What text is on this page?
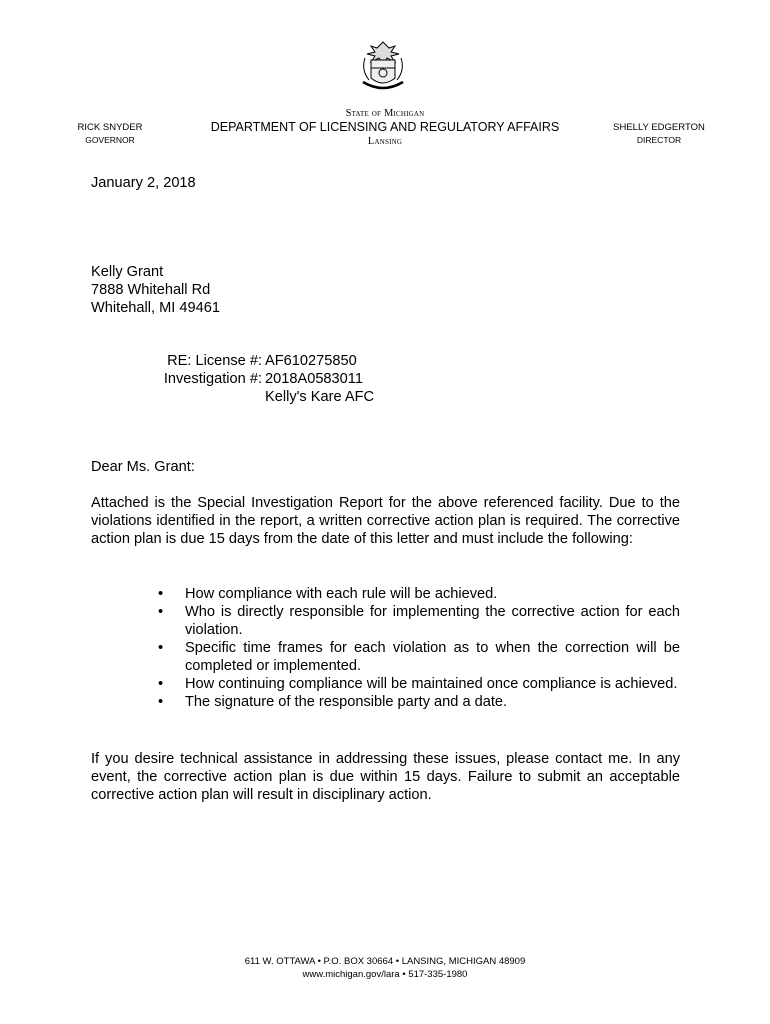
RICK SNYDER
GOVERNOR
State of Michigan
DEPARTMENT OF LICENSING AND REGULATORY AFFAIRS
Lansing
SHELLY EDGERTON
DIRECTOR
January 2, 2018
Kelly Grant
7888 Whitehall Rd
Whitehall, MI 49461
RE: License #: AF610275850
Investigation #: 2018A0583011
Kelly's Kare AFC
Dear Ms. Grant:
Attached is the Special Investigation Report for the above referenced facility. Due to the violations identified in the report, a written corrective action plan is required. The corrective action plan is due 15 days from the date of this letter and must include the following:
• How compliance with each rule will be achieved.
• Who is directly responsible for implementing the corrective action for each violation.
• Specific time frames for each violation as to when the correction will be completed or implemented.
• How continuing compliance will be maintained once compliance is achieved.
• The signature of the responsible party and a date.
If you desire technical assistance in addressing these issues, please contact me. In any event, the corrective action plan is due within 15 days. Failure to submit an acceptable corrective action plan will result in disciplinary action.
611 W. OTTAWA • P.O. BOX 30664 • LANSING, MICHIGAN 48909
www.michigan.gov/lara • 517-335-1980
